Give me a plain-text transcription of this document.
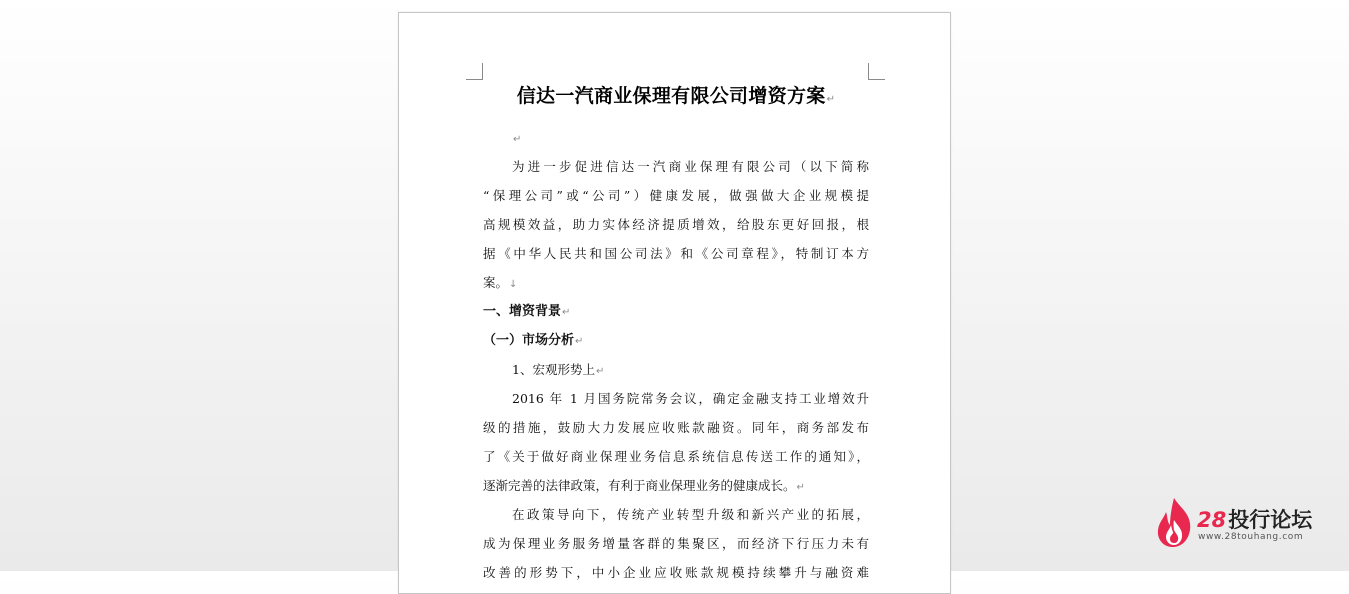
信达一汽商业保理有限公司增资方案↵
↵
为进一步促进信达一汽商业保理有限公司（以下简称
“保理公司”或“公司”）健康发展，做强做大企业规模提
高规模效益，助力实体经济提质增效，给股东更好回报，根
据《中华人民共和国公司法》和《公司章程》，特制订本方
案。↓
一、增资背景↵
（一）市场分析↵
1、宏观形势上↵
2016 年 1 月国务院常务会议，确定金融支持工业增效升
级的措施，鼓励大力发展应收账款融资。同年，商务部发布
了《关于做好商业保理业务信息系统信息传送工作的通知》，
逐渐完善的法律政策，有利于商业保理业务的健康成长。↵
在政策导向下，传统产业转型升级和新兴产业的拓展，
成为保理业务服务增量客群的集聚区，而经济下行压力未有
改善的形势下，中小企业应收账款规模持续攀升与融资难
28投行论坛
www.28touhang.com
